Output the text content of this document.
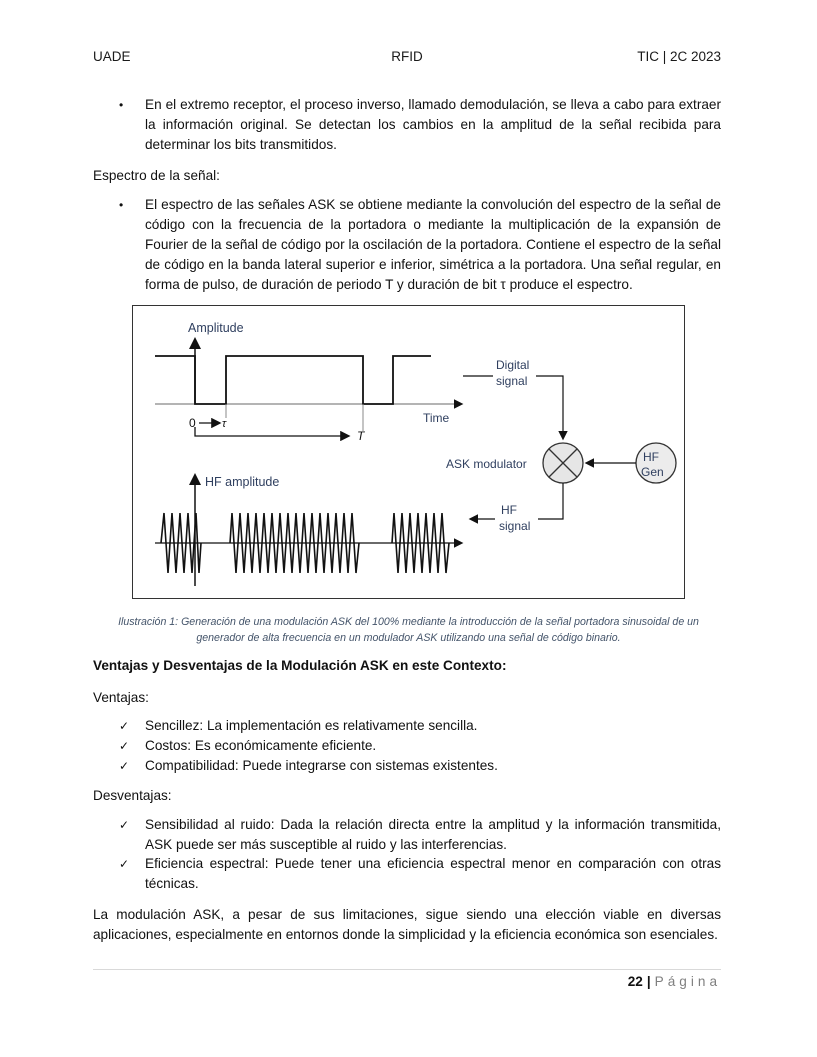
UADE	RFID	TIC | 2C 2023
• En el extremo receptor, el proceso inverso, llamado demodulación, se lleva a cabo para extraer la información original. Se detectan los cambios en la amplitud de la señal recibida para determinar los bits transmitidos.
Espectro de la señal:
• El espectro de las señales ASK se obtiene mediante la convolución del espectro de la señal de código con la frecuencia de la portadora o mediante la multiplicación de la expansión de Fourier de la señal de código por la oscilación de la portadora. Contiene el espectro de la señal de código en la banda lateral superior e inferior, simétrica a la portadora. Una señal regular, en forma de pulso, de duración de periodo T y duración de bit τ produce el espectro.
Amplitude
0 τ
T
Time
Digital
signal
ASK modulator	HF
Gen
HF
signal
HF amplitude
Ilustración 1: Generación de una modulación ASK del 100% mediante la introducción de la señal portadora sinusoidal de un generador de alta frecuencia en un modulador ASK utilizando una señal de código binario.
Ventajas y Desventajas de la Modulación ASK en este Contexto:
Ventajas:
✓ Sencillez: La implementación es relativamente sencilla.
✓ Costos: Es económicamente eficiente.
✓ Compatibilidad: Puede integrarse con sistemas existentes.
Desventajas:
✓ Sensibilidad al ruido: Dada la relación directa entre la amplitud y la información transmitida, ASK puede ser más susceptible al ruido y las interferencias.
✓ Eficiencia espectral: Puede tener una eficiencia espectral menor en comparación con otras técnicas.
La modulación ASK, a pesar de sus limitaciones, sigue siendo una elección viable en diversas aplicaciones, especialmente en entornos donde la simplicidad y la eficiencia económica son esenciales.
22 | Página
